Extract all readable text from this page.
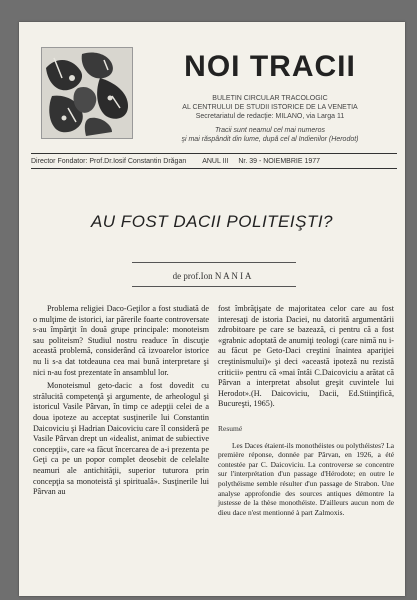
NOI TRACII
BULETIN CIRCULAR TRACOLOGIC
AL CENTRULUI DE STUDII ISTORICE DE LA VENETIA
Secretariatul de redacţie: MILANO, via Larga 11
Tracii sunt neamul cel mai numeros
şi mai răspândit din lume, după cel al Indienilor (Herodot)
Director Fondator: Prof.Dr.Iosif Constantin Drăgan ANUL III Nr. 39 - NOIEMBRIE 1977
AU FOST DACII POLITEIŞTI?
de prof.Ion N A N I A

Problema religiei Daco-Geţilor a fost studiată de o mulţime de istorici, iar părerile foarte controversate s-au împărţit în două grupe principale: monoteism sau politeism? Studiul nostru readuce în discuţie această problemă, considerând că izvoarelor istorice nu li s-a dat totdeauna cea mai bună interpretare şi nici n-au fost prezentate în ansamblul lor.

Monoteismul geto-dacic a fost dovedit cu strălucită competenţă şi argumente, de arheologul şi istoricul Vasile Pârvan, în timp ce adepţii celei de a doua ipoteze au acceptat susţinerile lui Constantin Daicoviciu şi Hadrian Daicoviciu care îl considerã pe Vasile Pârvan drept un «idealist, animat de subiective concepţii», care «a făcut încercarea de a-i prezenta pe Geţi ca pe un popor complet deosebit de celelalte neamuri ale antichităţii, superior tuturora prin concepţia sa monoteistă şi spirituală». Susţinerile lui Pârvan au

fost îmbrăţişate de majoritatea celor care au fost interesaţi de istoria Daciei, nu datorită argumentării zdrobitoare pe care se bazează, ci pentru că a fost «grabnic adoptată de anumiţi teologi (care nimă nu i-au făcut pe Geto-Daci creştini înaintea apariţiei creştinismului)» şi deci «această ipoteză nu rezistă criticii» pentru că «mai întâi C.Daicoviciu a arătat că Pârvan a interpretat absolut greşit cuvintele lui Herodot».(H. Daicoviciu, Dacii, Ed.Stiinţifică, Bucureşti, 1965).

Resumé

Les Daces étaient-ils monothéistes ou polythéistes? La première réponse, donnée par Pârvan, en 1926, a été contestée par C. Daicoviciu. La controverse se concentre sur l'interprétation d'un passage d'Hérodote; en outre le polythéisme semble résulter d'un passage de Strabon. Une analyse approfondie des sources antiques démontre la justesse de la thèse monothéiste. D'ailleurs aucun nom de dieu dace n'est mentionné à part Zalmoxis.
